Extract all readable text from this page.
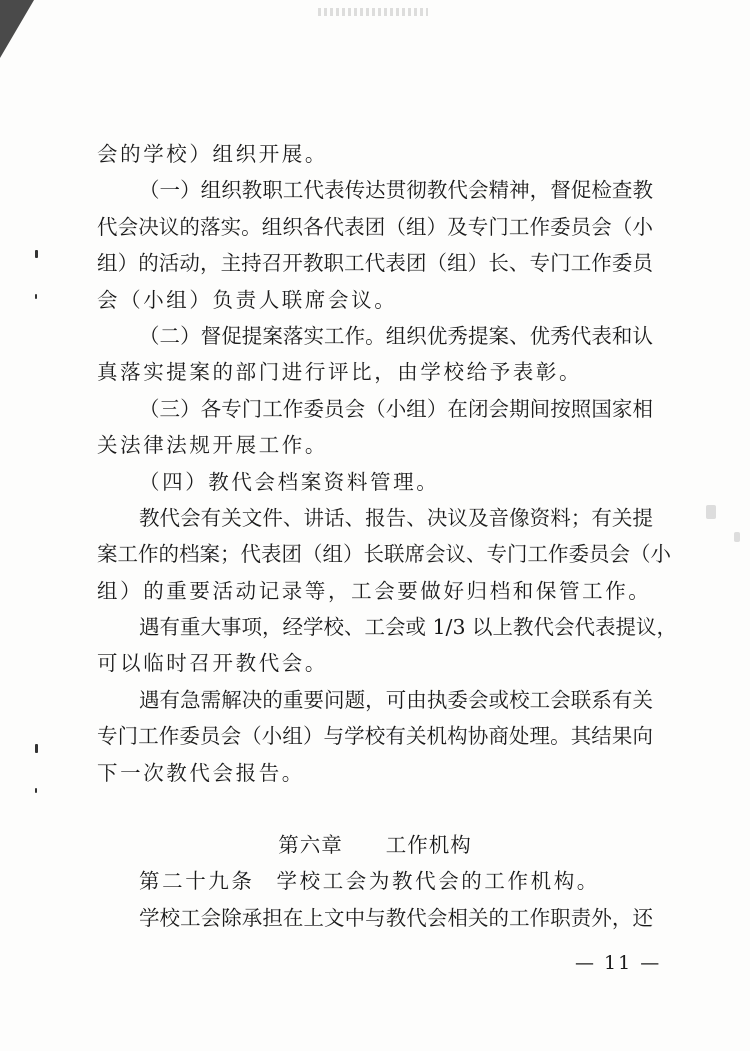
会的学校）组织开展。
（一）组织教职工代表传达贯彻教代会精神，督促检查教
代会决议的落实。组织各代表团（组）及专门工作委员会（小
组）的活动，主持召开教职工代表团（组）长、专门工作委员
会（小组）负责人联席会议。
（二）督促提案落实工作。组织优秀提案、优秀代表和认
真落实提案的部门进行评比，由学校给予表彰。
（三）各专门工作委员会（小组）在闭会期间按照国家相
关法律法规开展工作。
（四）教代会档案资料管理。
教代会有关文件、讲话、报告、决议及音像资料；有关提
案工作的档案；代表团（组）长联席会议、专门工作委员会（小
组）的重要活动记录等，工会要做好归档和保管工作。
遇有重大事项，经学校、工会或 1/3 以上教代会代表提议，
可以临时召开教代会。
遇有急需解决的重要问题，可由执委会或校工会联系有关
专门工作委员会（小组）与学校有关机构协商处理。其结果向
下一次教代会报告。
第六章　　工作机构
第二十九条 学校工会为教代会的工作机构。
学校工会除承担在上文中与教代会相关的工作职责外，还
— 11 —
